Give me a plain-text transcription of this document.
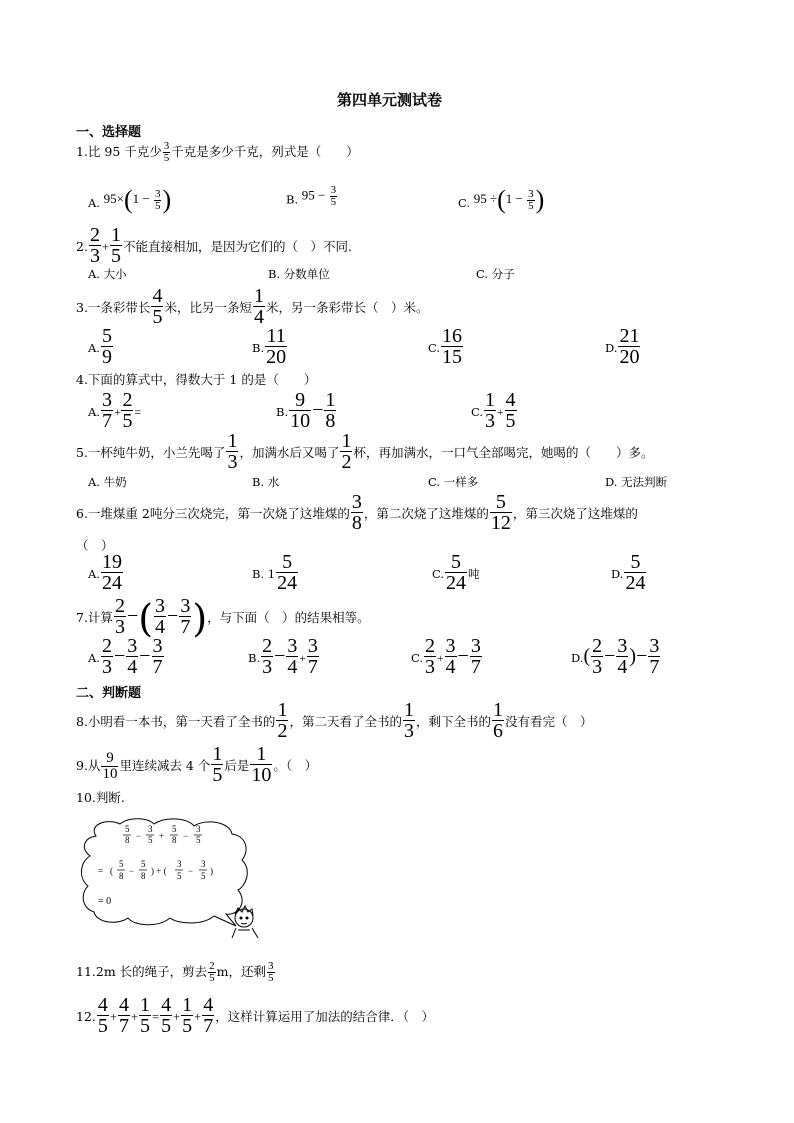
第四单元测试卷
一、选择题
1.比 95 千克少 $\frac{3}{5}$ 千克是多少千克，列式是（　　）
A. $95\times(1 - \frac{3}{5}$ )	B. $95 - \frac{3}{5}$	C. $95 \div(1 - \frac{3}{5}$ )
2. $\frac{2}{3} + \frac{1}{5}$ 不能直接相加，是因为它们的（　）不同.
A. 大小	B. 分数单位	C. 分子
3.一条彩带长 $\frac{4}{5}$ 米，比另一条短 $\frac{1}{4}$ 米，另一条彩带长（　）米。
A. $\frac{5}{9}$	B. $\frac{11}{20}$	C. $\frac{16}{15}$	D. $\frac{21}{20}$
4.下面的算式中，得数大于 1 的是（　　）
A. $\frac{3}{7} + \frac{2}{5}$ =	B. $\frac{9}{10} - \frac{1}{8}$	C. $\frac{1}{3} + \frac{4}{5}$
5.一杯纯牛奶，小兰先喝了 $\frac{1}{3}$ ，加满水后又喝了 $\frac{1}{2}$ 杯，再加满水，一口气全部喝完，她喝的（　　）多。
A. 牛奶	B. 水	C. 一样多	D. 无法判断
6.一堆煤重 2吨分三次烧完，第一次烧了这堆煤的 $\frac{3}{8}$ ，第二次烧了这堆煤的 $\frac{5}{12}$ ，第三次烧了这堆煤的
（　）
A. $\frac{19}{24}$	B. $1 \frac{5}{24}$	C. $\frac{5}{24}$ 吨	D. $\frac{5}{24}$
7.计算 $\frac{2}{3}$ −( $\frac{3}{4} - \frac{3}{7}$ )，与下面（　）的结果相等。
A. $\frac{2}{3} - \frac{3}{4} - \frac{3}{7}$	B. $\frac{2}{3} - \frac{3}{4} + \frac{3}{7}$	C. $\frac{2}{3} + \frac{3}{4} - \frac{3}{7}$	$D.( \frac{2}{3} - \frac{3}{4}$ )− $\frac{3}{7}$
二、判断题
8.小明看一本书，第一天看了全书的 $\frac{1}{2}$ ，第二天看了全书的 $\frac{1}{3}$ ，剩下全书的 $\frac{1}{6}$ 没有看完（　）
9.从 $\frac{9}{10}$ 里连续减去 4 个 $\frac{1}{5}$ 后是 $\frac{1}{10}$ 。（　）
10.判断.
5
8 −
3
5 +
5
8 −
3
5
= (
5
8 −
5
8 ) + (
3
5 −
3
5 )
= 0
11.2m 长的绳子，剪去 $\frac{2}{5}$ m，还剩 $\frac{3}{5}$
12. $\frac{4}{5} + \frac{4}{7} + \frac{1}{5} = \frac{4}{5} + \frac{1}{5} + \frac{4}{7}$ ，这样计算运用了加法的结合律．（　）
